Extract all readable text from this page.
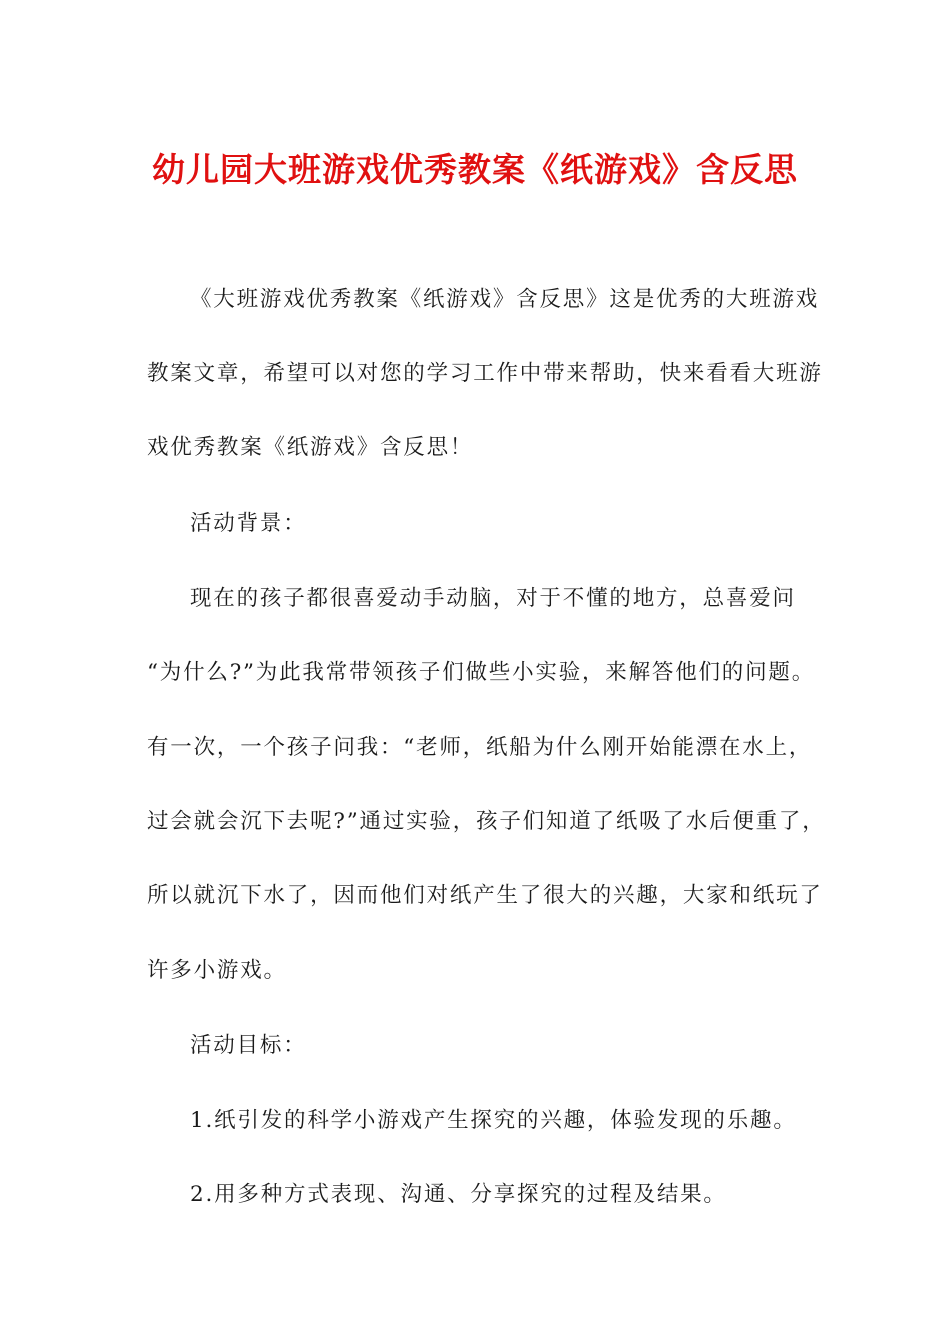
幼儿园大班游戏优秀教案《纸游戏》含反思
《大班游戏优秀教案《纸游戏》含反思》这是优秀的大班游戏
教案文章，希望可以对您的学习工作中带来帮助，快来看看大班游
戏优秀教案《纸游戏》含反思！
活动背景：
现在的孩子都很喜爱动手动脑，对于不懂的地方，总喜爱问
“为什么?”为此我常带领孩子们做些小实验，来解答他们的问题。
有一次，一个孩子问我：“老师，纸船为什么刚开始能漂在水上，
过会就会沉下去呢?”通过实验，孩子们知道了纸吸了水后便重了，
所以就沉下水了，因而他们对纸产生了很大的兴趣，大家和纸玩了
许多小游戏。
活动目标：
1.纸引发的科学小游戏产生探究的兴趣，体验发现的乐趣。
2.用多种方式表现、沟通、分享探究的过程及结果。
